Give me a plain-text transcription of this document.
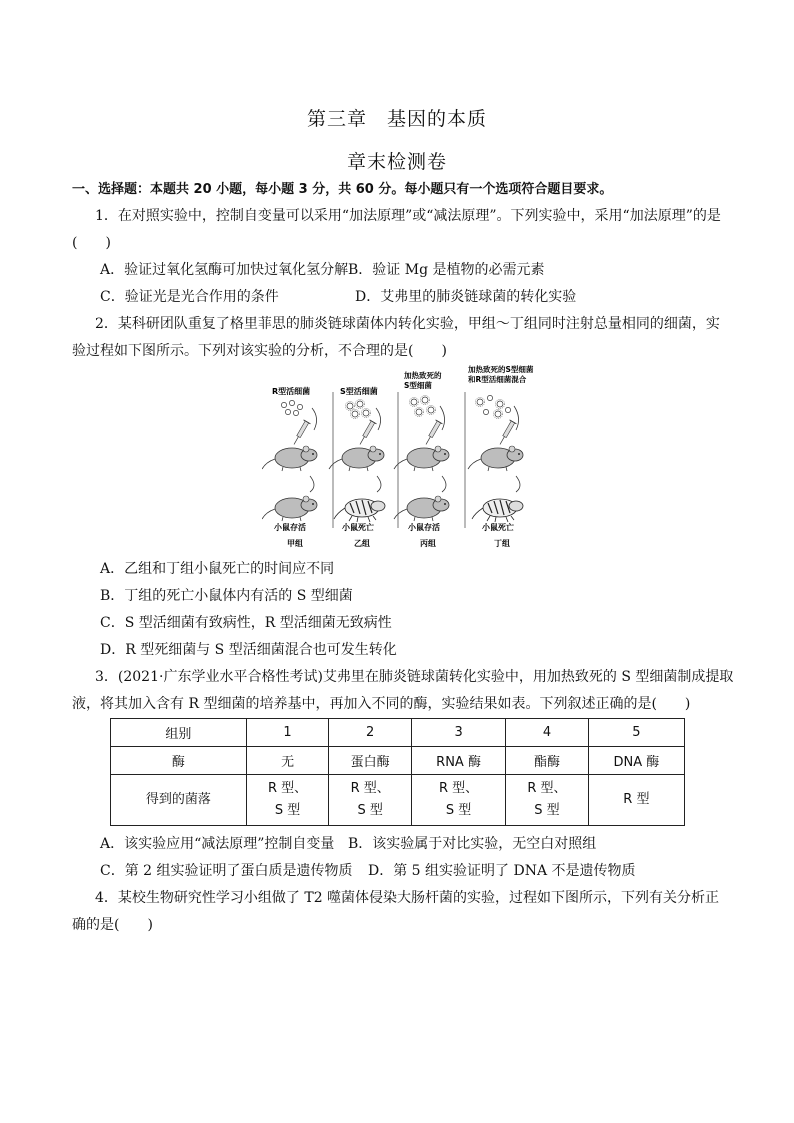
第三章　基因的本质
章末检测卷
一、选择题：本题共 20 小题，每小题 3 分，共 60 分。每小题只有一个选项符合题目要求。
1．在对照实验中，控制自变量可以采用“加法原理”或“减法原理”。下列实验中，采用“加法原理”的是
(　　)
A．验证过氧化氢酶可加快过氧化氢分解 B．验证 Mg 是植物的必需元素
C．验证光是光合作用的条件	D．艾弗里的肺炎链球菌的转化实验
2．某科研团队重复了格里菲思的肺炎链球菌体内转化实验，甲组～丁组同时注射总量相同的细菌，实
验过程如下图所示。下列对该实验的分析，不合理的是(　　)
R型活细菌
小鼠存活
甲组
S型活细菌
小鼠死亡
乙组
加热致死的
S型细菌
小鼠存活
丙组
加热致死的S型细菌
和R型活细菌混合
小鼠死亡
丁组
A．乙组和丁组小鼠死亡的时间应不同
B．丁组的死亡小鼠体内有活的 S 型细菌
C．S 型活细菌有致病性，R 型活细菌无致病性
D．R 型死细菌与 S 型活细菌混合也可发生转化
3．(2021·广东学业水平合格性考试)艾弗里在肺炎链球菌转化实验中，用加热致死的 S 型细菌制成提取
液，将其加入含有 R 型细菌的培养基中，再加入不同的酶，实验结果如表。下列叙述正确的是(　　)
组别	1	2	3	4	5
酶	无	蛋白酶	RNA 酶	酯酶	DNA 酶
得到的菌落	R 型、
S 型	R 型、
S 型	R 型、
S 型	R 型、
S 型	R 型
A．该实验应用“减法原理”控制自变量 B．该实验属于对比实验，无空白对照组
C．第 2 组实验证明了蛋白质是遗传物质	D．第 5 组实验证明了 DNA 不是遗传物质
4．某校生物研究性学习小组做了 T2 噬菌体侵染大肠杆菌的实验，过程如下图所示，下列有关分析正
确的是(　　)
